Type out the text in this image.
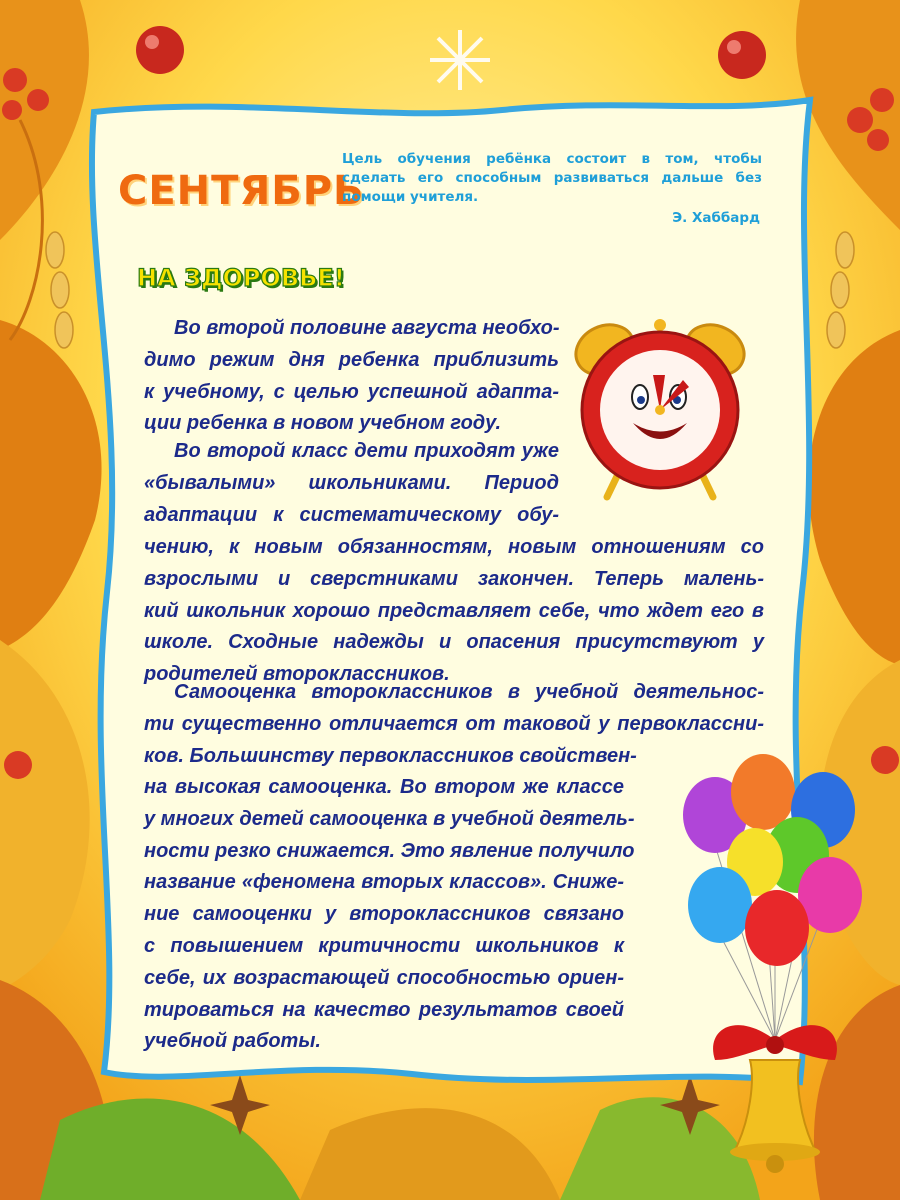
СЕНТЯБРЬ
Цель обучения ребёнка состоит в том, чтобы сделать его способным развиваться дальше без помощи учителя.
Э. Хаббард
НА ЗДОРОВЬЕ!
Во второй половине августа необхо-
димо режим дня ребенка приблизить
к учебному, с целью успешной адапта-
ции ребенка в новом учебном году.
Во второй класс дети приходят уже
«бывалыми» школьниками. Период
адаптации к систематическому обу-
чению, к новым обязанностям, новым отношениям со
взрослыми и сверстниками закончен. Теперь малень-
кий школьник хорошо представляет себе, что ждет его в
школе. Сходные надежды и опасения присутствуют у
родителей второклассников.
Самооценка второклассников в учебной деятельнос-
ти существенно отличается от таковой у первоклассни-
ков. Большинству первоклассников свойствен-
на высокая самооценка. Во втором же классе
у многих детей самооценка в учебной деятель-
ности резко снижается. Это явление получило
название «феномена вторых классов». Сниже-
ние самооценки у второклассников связано
с повышением критичности школьников к
себе, их возрастающей способностью ориен-
тироваться на качество результатов своей
учебной работы.
